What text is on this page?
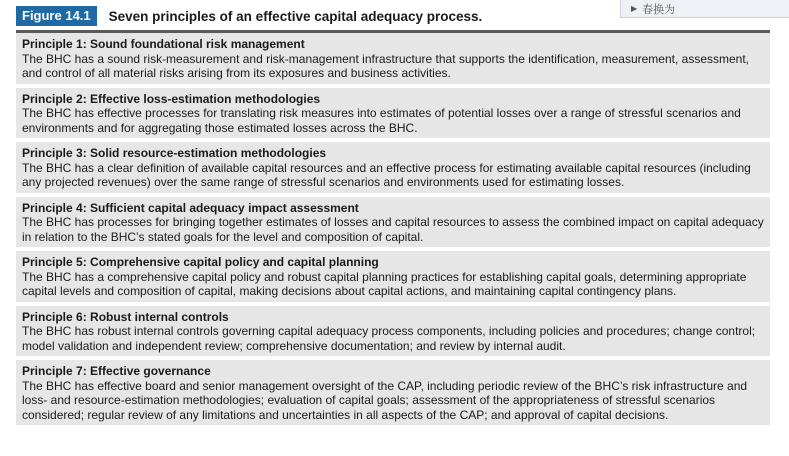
Figure 14.1	Seven principles of an effective capital adequacy process.	▶ 春换为
Principle 1: Sound foundational risk management
The BHC has a sound risk-measurement and risk-management infrastructure that supports the identification, measurement, assessment, and control of all material risks arising from its exposures and business activities.
Principle 2: Effective loss-estimation methodologies
The BHC has effective processes for translating risk measures into estimates of potential losses over a range of stressful scenarios and environments and for aggregating those estimated losses across the BHC.
Principle 3: Solid resource-estimation methodologies
The BHC has a clear definition of available capital resources and an effective process for estimating available capital resources (including any projected revenues) over the same range of stressful scenarios and environments used for estimating losses.
Principle 4: Sufficient capital adequacy impact assessment
The BHC has processes for bringing together estimates of losses and capital resources to assess the combined impact on capital adequacy in relation to the BHC’s stated goals for the level and composition of capital.
Principle 5: Comprehensive capital policy and capital planning
The BHC has a comprehensive capital policy and robust capital planning practices for establishing capital goals, determining appropriate capital levels and composition of capital, making decisions about capital actions, and maintaining capital contingency plans.
Principle 6: Robust internal controls
The BHC has robust internal controls governing capital adequacy process components, including policies and procedures; change control; model validation and independent review; comprehensive documentation; and review by internal audit.
Principle 7: Effective governance
The BHC has effective board and senior management oversight of the CAP, including periodic review of the BHC’s risk infrastructure and loss- and resource-estimation methodologies; evaluation of capital goals; assessment of the appropriateness of stressful scenarios considered; regular review of any limitations and uncertainties in all aspects of the CAP; and approval of capital decisions.
